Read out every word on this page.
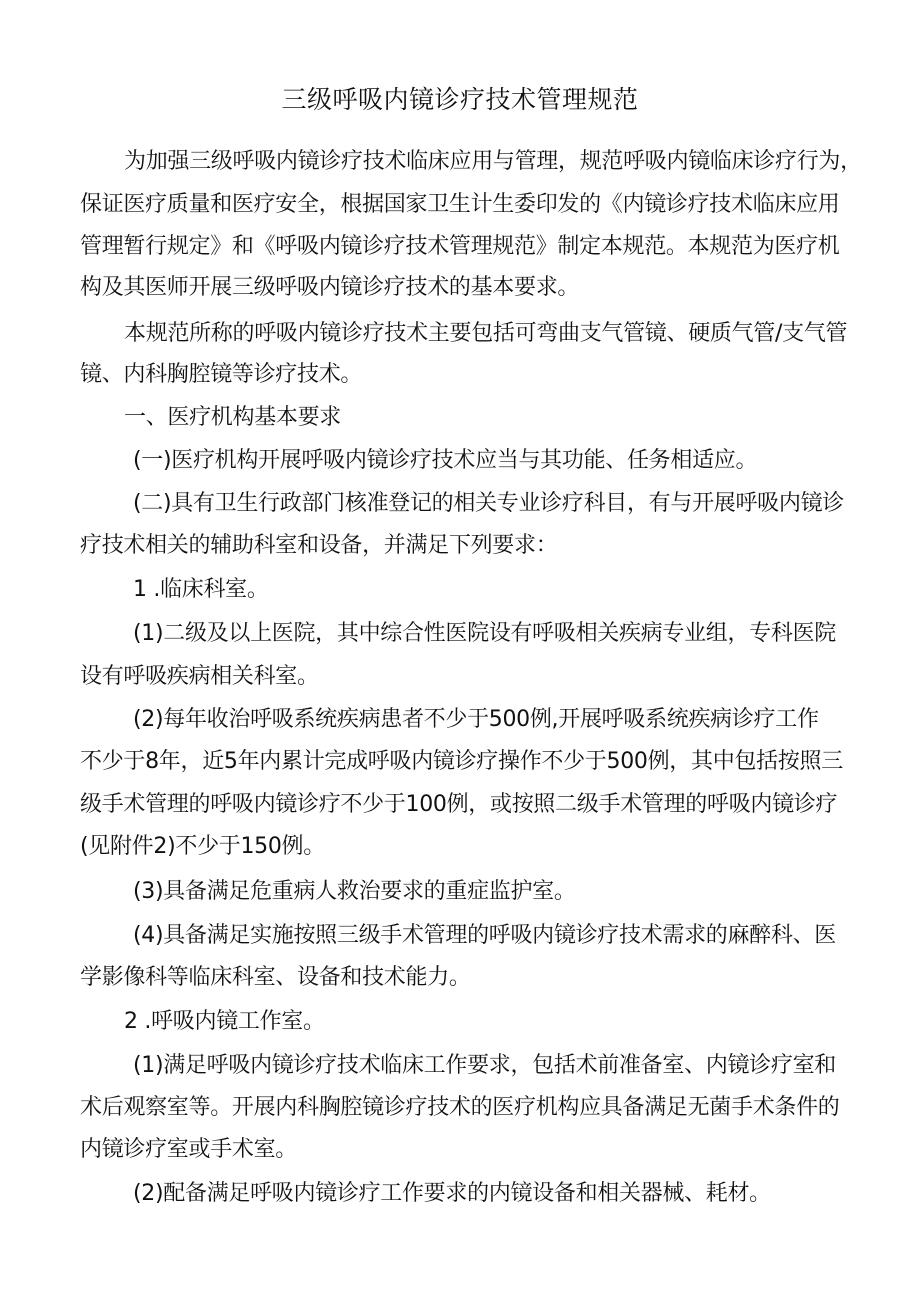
三级呼吸内镜诊疗技术管理规范
为加强三级呼吸内镜诊疗技术临床应用与管理，规范呼吸内镜临床诊疗行为，
保证医疗质量和医疗安全，根据国家卫生计生委印发的《内镜诊疗技术临床应用
管理暂行规定》和《呼吸内镜诊疗技术管理规范》制定本规范。本规范为医疗机
构及其医师开展三级呼吸内镜诊疗技术的基本要求。
本规范所称的呼吸内镜诊疗技术主要包括可弯曲支气管镜、硬质气管/支气管
镜、内科胸腔镜等诊疗技术。
一、医疗机构基本要求
(一)医疗机构开展呼吸内镜诊疗技术应当与其功能、任务相适应。
(二)具有卫生行政部门核准登记的相关专业诊疗科目，有与开展呼吸内镜诊
疗技术相关的辅助科室和设备，并满足下列要求：
1 .临床科室。
(1)二级及以上医院，其中综合性医院设有呼吸相关疾病专业组，专科医院
设有呼吸疾病相关科室。
(2)每年收治呼吸系统疾病患者不少于500例,开展呼吸系统疾病诊疗工作
不少于8年，近5年内累计完成呼吸内镜诊疗操作不少于500例，其中包括按照三
级手术管理的呼吸内镜诊疗不少于100例，或按照二级手术管理的呼吸内镜诊疗
(见附件2)不少于150例。
(3)具备满足危重病人救治要求的重症监护室。
(4)具备满足实施按照三级手术管理的呼吸内镜诊疗技术需求的麻醉科、医
学影像科等临床科室、设备和技术能力。
2 .呼吸内镜工作室。
(1)满足呼吸内镜诊疗技术临床工作要求，包括术前准备室、内镜诊疗室和
术后观察室等。开展内科胸腔镜诊疗技术的医疗机构应具备满足无菌手术条件的
内镜诊疗室或手术室。
(2)配备满足呼吸内镜诊疗工作要求的内镜设备和相关器械、耗材。
